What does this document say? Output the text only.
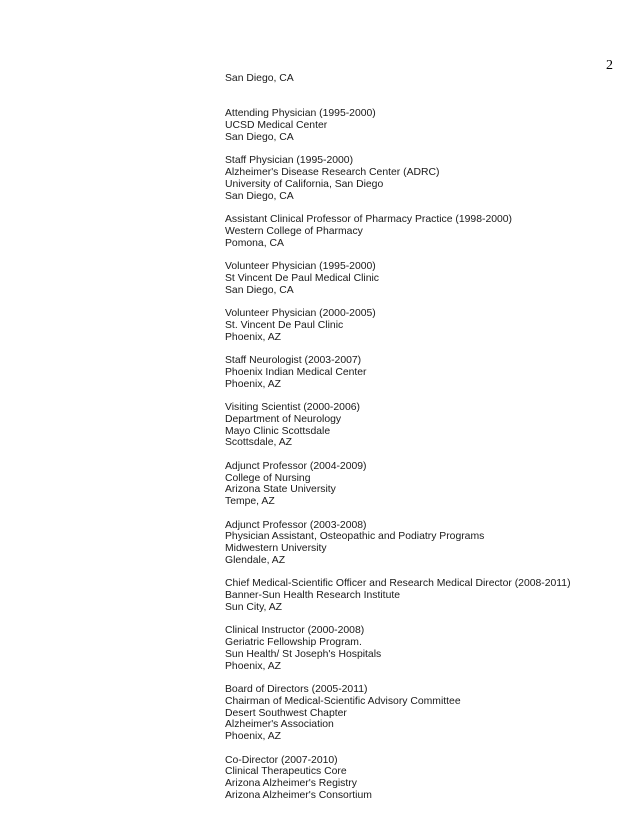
2

San Diego, CA
Attending Physician (1995-2000)
UCSD Medical Center
San Diego, CA
Staff Physician (1995-2000)
Alzheimer's Disease Research Center (ADRC)
University of California, San Diego
San Diego, CA
Assistant Clinical Professor of Pharmacy Practice (1998-2000)
Western College of Pharmacy
Pomona, CA
Volunteer Physician (1995-2000)
St Vincent De Paul Medical Clinic
San Diego, CA
Volunteer Physician (2000-2005)
St. Vincent De Paul Clinic
Phoenix, AZ
Staff Neurologist (2003-2007)
Phoenix Indian Medical Center
Phoenix, AZ
Visiting Scientist (2000-2006)
Department of Neurology
Mayo Clinic Scottsdale
Scottsdale, AZ
Adjunct Professor (2004-2009)
College of Nursing
Arizona State University
Tempe, AZ
Adjunct Professor (2003-2008)
Physician Assistant, Osteopathic and Podiatry Programs
Midwestern University
Glendale, AZ
Chief Medical-Scientific Officer and Research Medical Director (2008-2011)
Banner-Sun Health Research Institute
Sun City, AZ
Clinical Instructor (2000-2008)
Geriatric Fellowship Program.
Sun Health/ St Joseph's Hospitals
Phoenix, AZ
Board of Directors (2005-2011)
Chairman of Medical-Scientific Advisory Committee
Desert Southwest Chapter
Alzheimer's Association
Phoenix, AZ
Co-Director (2007-2010)
Clinical Therapeutics Core
Arizona Alzheimer's Registry
Arizona Alzheimer's Consortium
